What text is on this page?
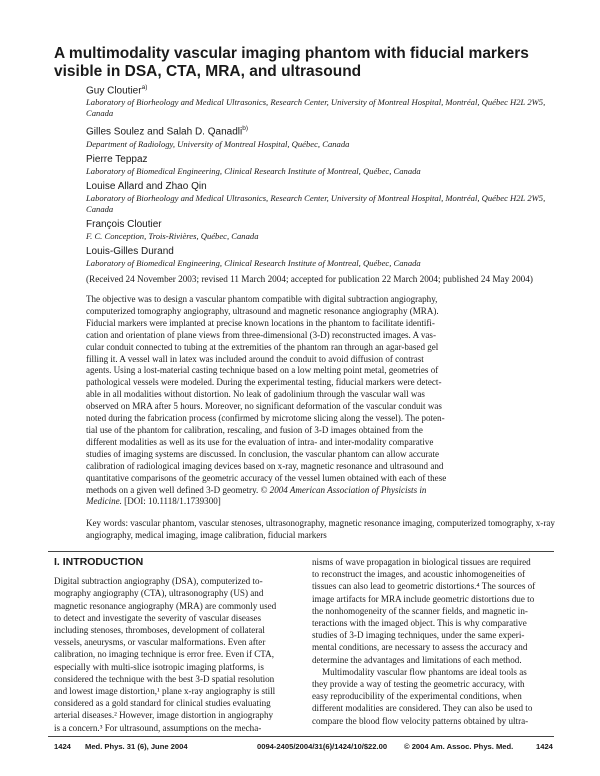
A multimodality vascular imaging phantom with fiducial markers visible in DSA, CTA, MRA, and ultrasound
Guy Cloutier$^{a)}$
Laboratory of Biorheology and Medical Ultrasonics, Research Center, University of Montreal Hospital, Montréal, Québec H2L 2W5, Canada
Gilles Soulez and Salah D. Qanadli$^{b)}$
Department of Radiology, University of Montreal Hospital, Québec, Canada
Pierre Teppaz
Laboratory of Biomedical Engineering, Clinical Research Institute of Montreal, Québec, Canada
Louise Allard and Zhao Qin
Laboratory of Biorheology and Medical Ultrasonics, Research Center, University of Montreal Hospital, Montréal, Québec H2L 2W5, Canada
François Cloutier
F. C. Conception, Trois-Rivières, Québec, Canada
Louis-Gilles Durand
Laboratory of Biomedical Engineering, Clinical Research Institute of Montreal, Québec, Canada
(Received 24 November 2003; revised 11 March 2004; accepted for publication 22 March 2004; published 24 May 2004)
The objective was to design a vascular phantom compatible with digital subtraction angiography,
computerized tomography angiography, ultrasound and magnetic resonance angiography (MRA).
Fiducial markers were implanted at precise known locations in the phantom to facilitate identifi-
cation and orientation of plane views from three-dimensional (3-D) reconstructed images. A vas-
cular conduit connected to tubing at the extremities of the phantom ran through an agar-based gel
filling it. A vessel wall in latex was included around the conduit to avoid diffusion of contrast
agents. Using a lost-material casting technique based on a low melting point metal, geometries of
pathological vessels were modeled. During the experimental testing, fiducial markers were detect-
able in all modalities without distortion. No leak of gadolinium through the vascular wall was
observed on MRA after 5 hours. Moreover, no significant deformation of the vascular conduit was
noted during the fabrication process (confirmed by microtome slicing along the vessel). The poten-
tial use of the phantom for calibration, rescaling, and fusion of 3-D images obtained from the
different modalities as well as its use for the evaluation of intra- and inter-modality comparative
studies of imaging systems are discussed. In conclusion, the vascular phantom can allow accurate
calibration of radiological imaging devices based on x-ray, magnetic resonance and ultrasound and
quantitative comparisons of the geometric accuracy of the vessel lumen obtained with each of these
methods on a given well defined 3-D geometry. © 2004 American Association of Physicists in
Medicine. [DOI: 10.1118/1.1739300]
Key words: vascular phantom, vascular stenoses, ultrasonography, magnetic resonance imaging, computerized tomography, x-ray angiography, medical imaging, image calibration, fiducial markers
I. INTRODUCTION
Digital subtraction angiography (DSA), computerized to-
mography angiography (CTA), ultrasonography (US) and
magnetic resonance angiography (MRA) are commonly used
to detect and investigate the severity of vascular diseases
including stenoses, thromboses, development of collateral
vessels, aneurysms, or vascular malformations. Even after
calibration, no imaging technique is error free. Even if CTA,
especially with multi-slice isotropic imaging platforms, is
considered the technique with the best 3-D spatial resolution
and lowest image distortion,¹ plane x-ray angiography is still
considered as a gold standard for clinical studies evaluating
arterial diseases.² However, image distortion in angiography
is a concern.³ For ultrasound, assumptions on the mecha-
nisms of wave propagation in biological tissues are required
to reconstruct the images, and acoustic inhomogeneities of
tissues can also lead to geometric distortions.⁴ The sources of
image artifacts for MRA include geometric distortions due to
the nonhomogeneity of the scanner fields, and magnetic in-
teractions with the imaged object. This is why comparative
studies of 3-D imaging techniques, under the same experi-
mental conditions, are necessary to assess the accuracy and
determine the advantages and limitations of each method.
Multimodality vascular flow phantoms are ideal tools as
they provide a way of testing the geometric accuracy, with
easy reproducibility of the experimental conditions, when
different modalities are considered. They can also be used to
compare the blood flow velocity patterns obtained by ultra-
1424 Med. Phys. 31 (6), June 2004	0094-2405/2004/31(6)/1424/10/$22.00 © 2004 Am. Assoc. Phys. Med.	1424
